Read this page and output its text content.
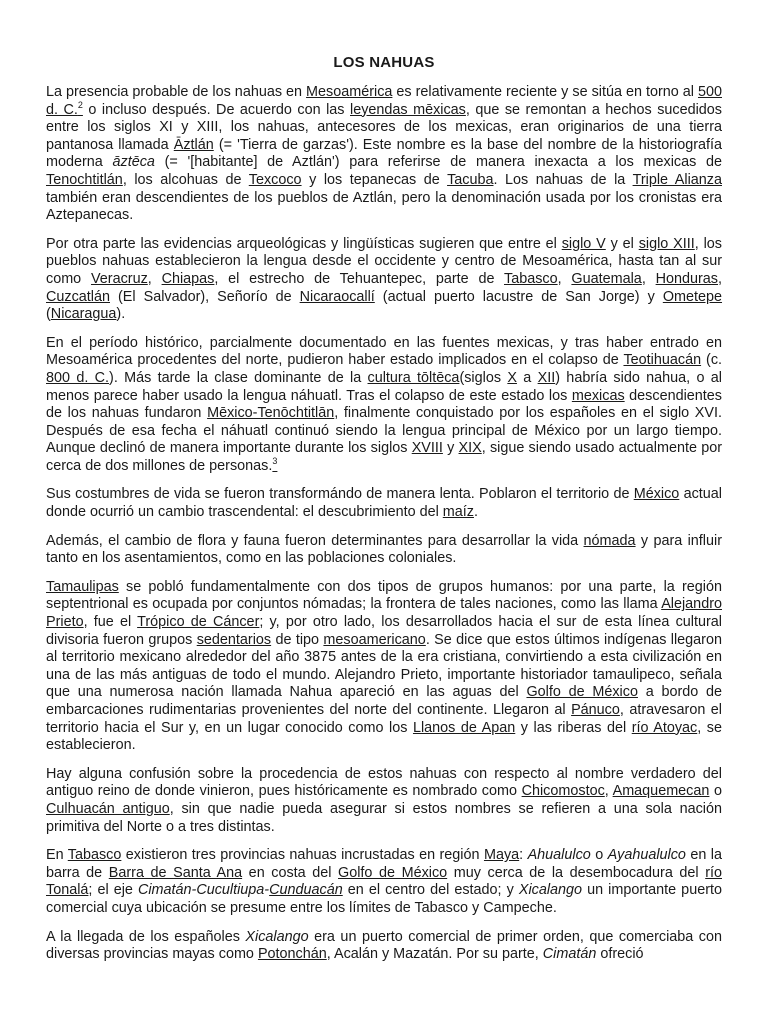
LOS NAHUAS

La presencia probable de los nahuas en Mesoamérica es relativamente reciente y se sitúa en torno al 500 d. C.$^2$ o incluso después. De acuerdo con las leyendas mēxicas, que se remontan a hechos sucedidos entre los siglos XI y XIII, los nahuas, antecesores de los mexicas, eran originarios de una tierra pantanosa llamada Āztlán (= 'Tierra de garzas'). Este nombre es la base del nombre de la historiografía moderna āztēca (= '[habitante] de Aztlán') para referirse de manera inexacta a los mexicas de Tenochtitlán, los alcohuas de Texcoco y los tepanecas de Tacuba. Los nahuas de la Triple Alianza también eran descendientes de los pueblos de Aztlán, pero la denominación usada por los cronistas era Aztepanecas.

Por otra parte las evidencias arqueológicas y lingüísticas sugieren que entre el siglo V y el siglo XIII, los pueblos nahuas establecieron la lengua desde el occidente y centro de Mesoamérica, hasta tan al sur como Veracruz, Chiapas, el estrecho de Tehuantepec, parte de Tabasco, Guatemala, Honduras, Cuzcatlán (El Salvador), Señorío de Nicaraocallí (actual puerto lacustre de San Jorge) y Ometepe (Nicaragua).

En el período histórico, parcialmente documentado en las fuentes mexicas, y tras haber entrado en Mesoamérica procedentes del norte, pudieron haber estado implicados en el colapso de Teotihuacán (c. 800 d. C.). Más tarde la clase dominante de la cultura tōltēca(siglos X a XII) habría sido nahua, o al menos parece haber usado la lengua náhuatl. Tras el colapso de este estado los mexicas descendientes de los nahuas fundaron Mēxico-Tenōchtitlān, finalmente conquistado por los españoles en el siglo XVI. Después de esa fecha el náhuatl continuó siendo la lengua principal de México por un largo tiempo. Aunque declinó de manera importante durante los siglos XVIII y XIX, sigue siendo usado actualmente por cerca de dos millones de personas.$^3$

Sus costumbres de vida se fueron transformándo de manera lenta. Poblaron el territorio de México actual donde ocurrió un cambio trascendental: el descubrimiento del maíz.

Además, el cambio de flora y fauna fueron determinantes para desarrollar la vida nómada y para influir tanto en los asentamientos, como en las poblaciones coloniales.

Tamaulipas se pobló fundamentalmente con dos tipos de grupos humanos: por una parte, la región septentrional es ocupada por conjuntos nómadas; la frontera de tales naciones, como las llama Alejandro Prieto, fue el Trópico de Cáncer; y, por otro lado, los desarrollados hacia el sur de esta línea cultural divisoria fueron grupos sedentarios de tipo mesoamericano. Se dice que estos últimos indígenas llegaron al territorio mexicano alrededor del año 3875 antes de la era cristiana, convirtiendo a esta civilización en una de las más antiguas de todo el mundo. Alejandro Prieto, importante historiador tamaulipeco, señala que una numerosa nación llamada Nahua apareció en las aguas del Golfo de México a bordo de embarcaciones rudimentarias provenientes del norte del continente. Llegaron al Pánuco, atravesaron el territorio hacia el Sur y, en un lugar conocido como los Llanos de Apan y las riberas del río Atoyac, se establecieron.

Hay alguna confusión sobre la procedencia de estos nahuas con respecto al nombre verdadero del antiguo reino de donde vinieron, pues históricamente es nombrado como Chicomostoc, Amaquemecan o Culhuacán antiguo, sin que nadie pueda asegurar si estos nombres se refieren a una sola nación primitiva del Norte o a tres distintas.

En Tabasco existieron tres provincias nahuas incrustadas en región Maya: Ahualulco o Ayahualulco en la barra de Barra de Santa Ana en costa del Golfo de México muy cerca de la desembocadura del río Tonalá; el eje Cimatán-Cucultiupa-Cunduacán en el centro del estado; y Xicalango un importante puerto comercial cuya ubicación se presume entre los límites de Tabasco y Campeche.

A la llegada de los españoles Xicalango era un puerto comercial de primer orden, que comerciaba con diversas provincias mayas como Potonchán, Acalán y Mazatán. Por su parte, Cimatán ofreció
